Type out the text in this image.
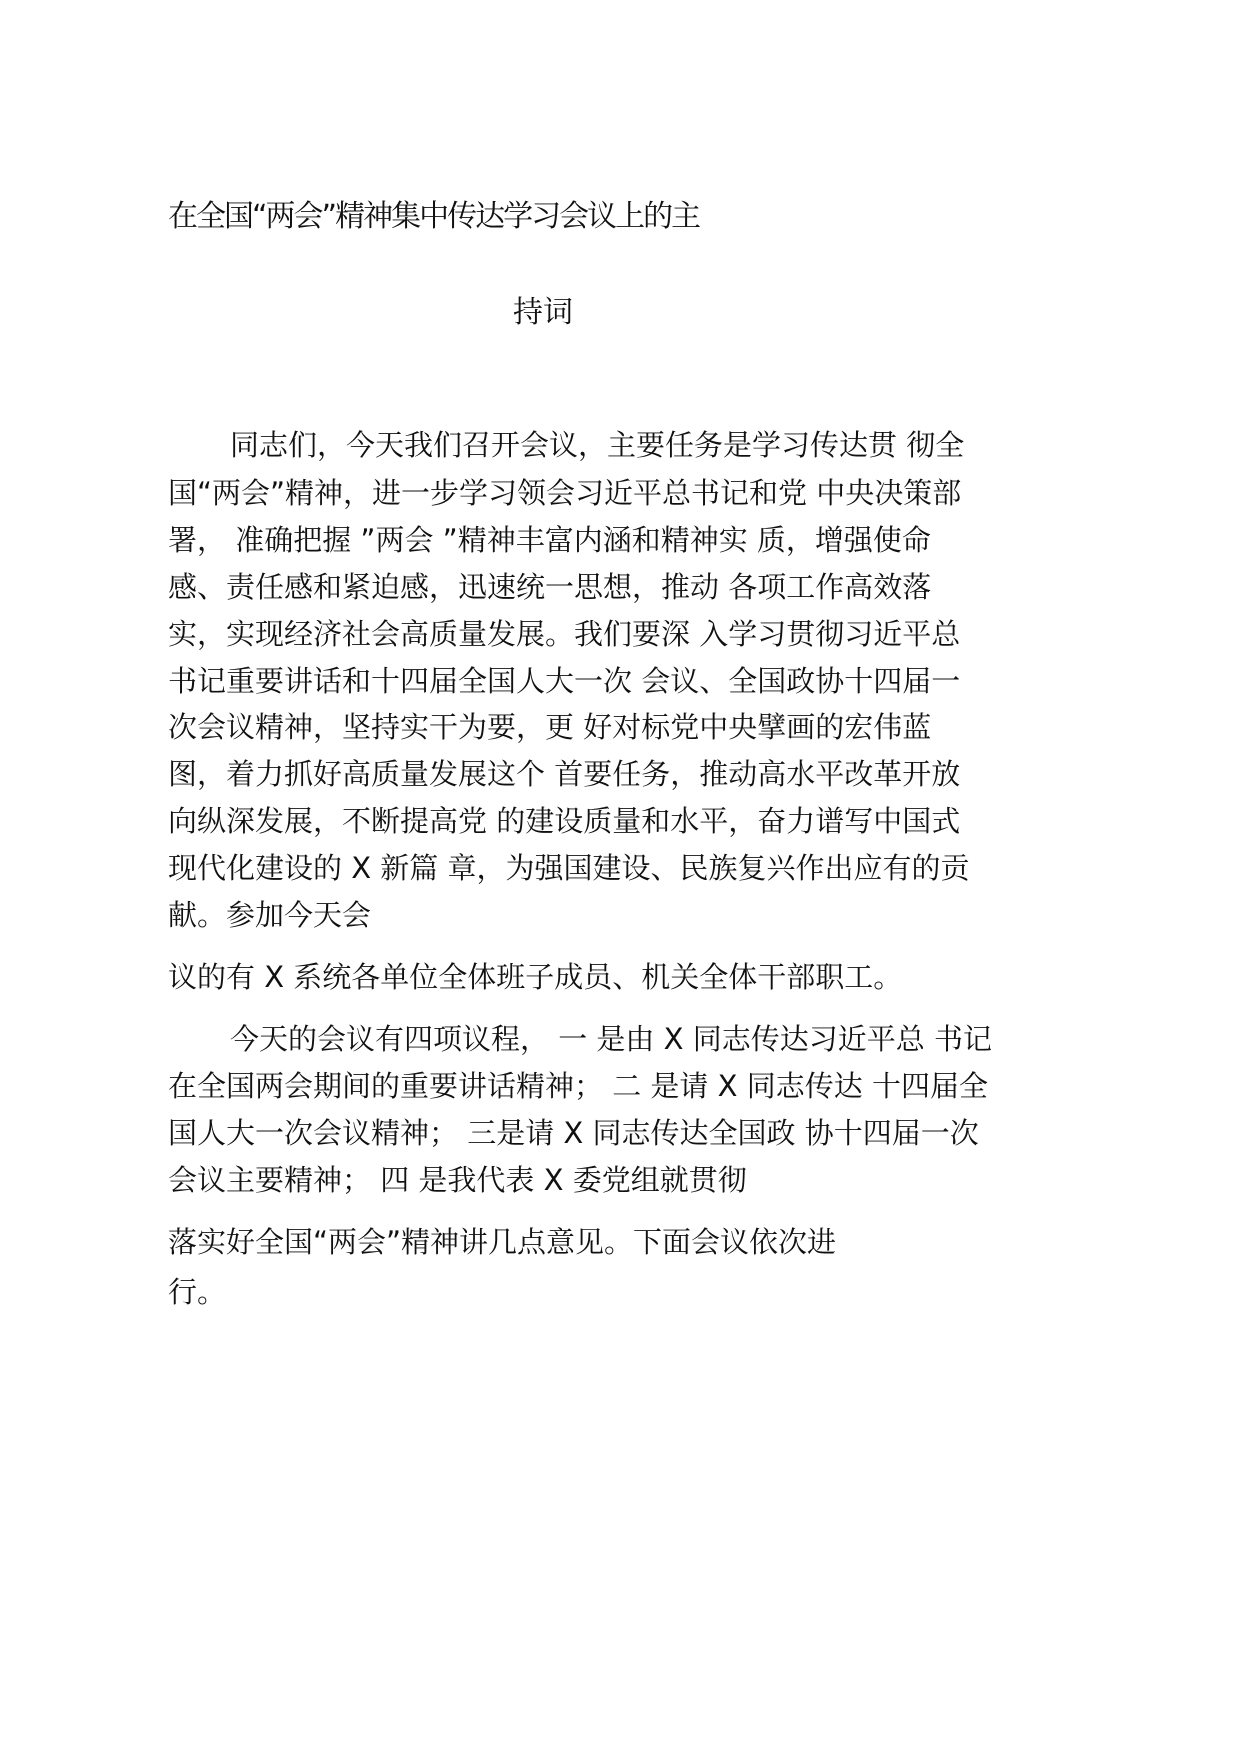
在全国“两会”精神集中传达学习会议上的主
持词
同志们，今天我们召开会议，主要任务是学习传达贯 彻全
国“两会”精神，进一步学习领会习近平总书记和党 中央决策部
署， 准确把握 ”两会 ”精神丰富内涵和精神实 质，增强使命
感、责任感和紧迫感，迅速统一思想，推动 各项工作高效落
实，实现经济社会高质量发展。我们要深 入学习贯彻习近平总
书记重要讲话和十四届全国人大一次 会议、全国政协十四届一
次会议精神，坚持实干为要，更 好对标党中央擘画的宏伟蓝
图，着力抓好高质量发展这个 首要任务，推动高水平改革开放
向纵深发展，不断提高党 的建设质量和水平，奋力谱写中国式
现代化建设的 X 新篇 章，为强国建设、民族复兴作出应有的贡
献。参加今天会
议的有 X 系统各单位全体班子成员、机关全体干部职工。
今天的会议有四项议程， 一 是由 X 同志传达习近平总 书记
在全国两会期间的重要讲话精神； 二 是请 X 同志传达 十四届全
国人大一次会议精神； 三是请 X 同志传达全国政 协十四届一次
会议主要精神； 四 是我代表 X 委党组就贯彻
落实好全国“两会”精神讲几点意见。下面会议依次进
行。
